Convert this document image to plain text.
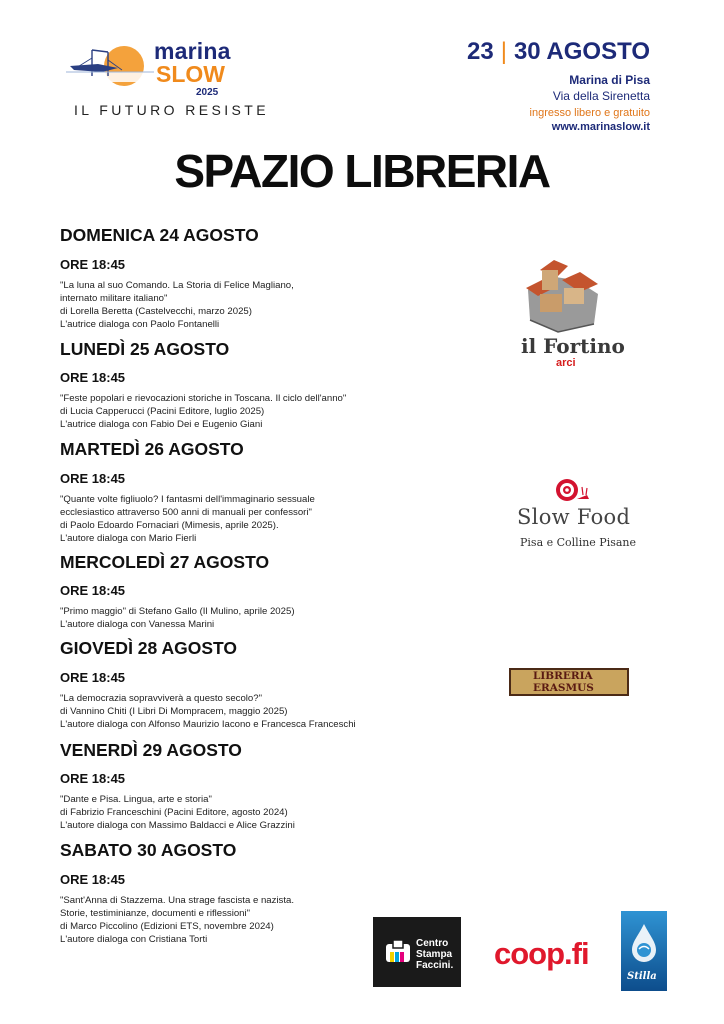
marina
SLOW
2025
IL FUTURO RESISTE
23 | 30 AGOSTO
Marina di Pisa
Via della Sirenetta
ingresso libero e gratuito
www.marinaslow.it
SPAZIO LIBRERIA
DOMENICA 24 AGOSTO
ORE 18:45
"La luna al suo Comando. La Storia di Felice Magliano,
internato militare italiano"
di Lorella Beretta (Castelvecchi, marzo 2025)
L'autrice dialoga con Paolo Fontanelli
LUNEDÌ 25 AGOSTO
ORE 18:45
"Feste popolari e rievocazioni storiche in Toscana. Il ciclo dell'anno"
di Lucia Capperucci (Pacini Editore, luglio 2025)
L'autrice dialoga con Fabio Dei e Eugenio Giani
MARTEDÌ 26 AGOSTO
ORE 18:45
"Quante volte figliuolo? I fantasmi dell'immaginario sessuale
ecclesiastico attraverso 500 anni di manuali per confessori"
di Paolo Edoardo Fornaciari (Mimesis, aprile 2025).
L'autore dialoga con Mario Fierli
MERCOLEDÌ 27 AGOSTO
ORE 18:45
"Primo maggio" di Stefano Gallo (Il Mulino, aprile 2025)
L'autore dialoga con Vanessa Marini
GIOVEDÌ 28 AGOSTO
ORE 18:45
"La democrazia sopravviverà a questo secolo?"
di Vannino Chiti (I Libri Di Mompracem, maggio 2025)
L'autore dialoga con Alfonso Maurizio Iacono e Francesca Franceschi
VENERDÌ 29 AGOSTO
ORE 18:45
"Dante e Pisa. Lingua, arte e storia"
di Fabrizio Franceschini (Pacini Editore, agosto 2024)
L'autore dialoga con Massimo Baldacci e Alice Grazzini
SABATO 30 AGOSTO
ORE 18:45
"Sant'Anna di Stazzema. Una strage fascista e nazista.
Storie, testiminianze, documenti e riflessioni"
di Marco Piccolino (Edizioni ETS, novembre 2024)
L'autore dialoga con Cristiana Torti
il Fortino
arci
Slow Food
Pisa e Colline Pisane
LIBRERIA
ERASMUS
Centro
Stampa
Faccini. coop.fi
Stilla
